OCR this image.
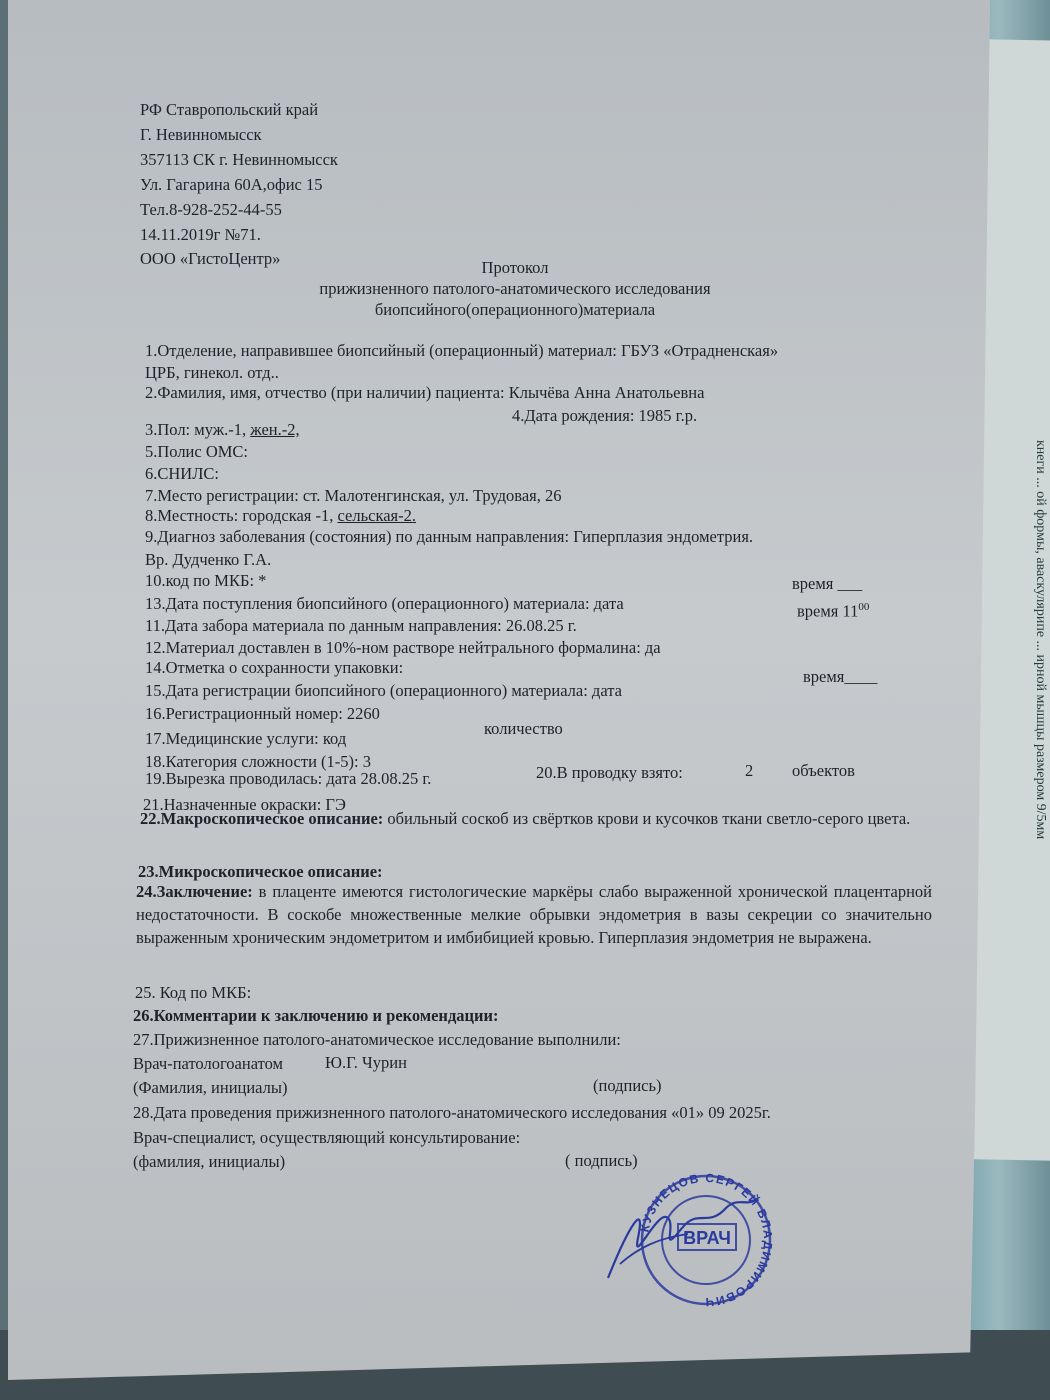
кнеги ... ой формы, аваскулярипе ... ирной мышцы размером 9/5мм
РФ Ставропольский край
Г. Невинномысск
357113 СК г. Невинномысск
Ул. Гагарина 60А,офис 15
Тел.8-928-252-44-55
14.11.2019г №71.
ООО «ГистоЦентр»	Протокол
прижизненного патолого-анатомического исследования
биопсийного(операционного)материала
1.Отделение, направившее биопсийный (операционный) материал: ГБУЗ «Отрадненская»
ЦРБ, гинекол. отд..
2.Фамилия, имя, отчество (при наличии) пациента: Клычёва Анна Анатольевна
3.Пол: муж.-1, жен.-2,
4.Дата рождения: 1985 г.р.
5.Полис ОМС:
6.СНИЛС:
7.Место регистрации: ст. Малотенгинская, ул. Трудовая, 26
8.Местность: городская -1, сельская-2.
9.Диагноз заболевания (состояния) по данным направления: Гиперплазия эндометрия.
Вр. Дудченко Г.А.
10.код по МКБ: *
13.Дата поступления биопсийного (операционного) материала: дата
время ___
11.Дата забора материала по данным направления: 26.08.25 г.
время $11^{00}$
12.Материал доставлен в 10%-ном растворе нейтрального формалина: да
14.Отметка о сохранности упаковки:
15.Дата регистрации биопсийного (операционного) материала: дата
время____
16.Регистрационный номер: 2260
17.Медицинские услуги: код
количество
18.Категория сложности (1-5): 3
19.Вырезка проводилась: дата 28.08.25 г.	20.В проводку взято:	2 объектов
21.Назначенные окраски: ГЭ
22.Макроскопическое описание: обильный соскоб из свёртков крови и кусочков ткани светло-серого цвета.
23.Микроскопическое описание:
24.Заключение: в плаценте имеются гистологические маркёры слабо выраженной хронической плацентарной недостаточности. В соскобе множественные мелкие обрывки эндометрия в вазы секреции со значительно выраженным хроническим эндометритом и имбибицией кровью. Гиперплазия эндометрия не выражена.
25. Код по МКБ:
26.Комментарии к заключению и рекомендации:
27.Прижизненное патолого-анатомическое исследование выполнили:
Врач-патологоанатом	Ю.Г. Чурин
(Фамилия, инициалы)	(подпись)
28.Дата проведения прижизненного патолого-анатомического исследования «01» 09 2025г.
Врач-специалист, осуществляющий консультирование:
(фамилия, инициалы)	( подпись)
ВРАЧ
КУЗНЕЦОВ СЕРГЕЙ ВЛАДИМИРОВИЧ
